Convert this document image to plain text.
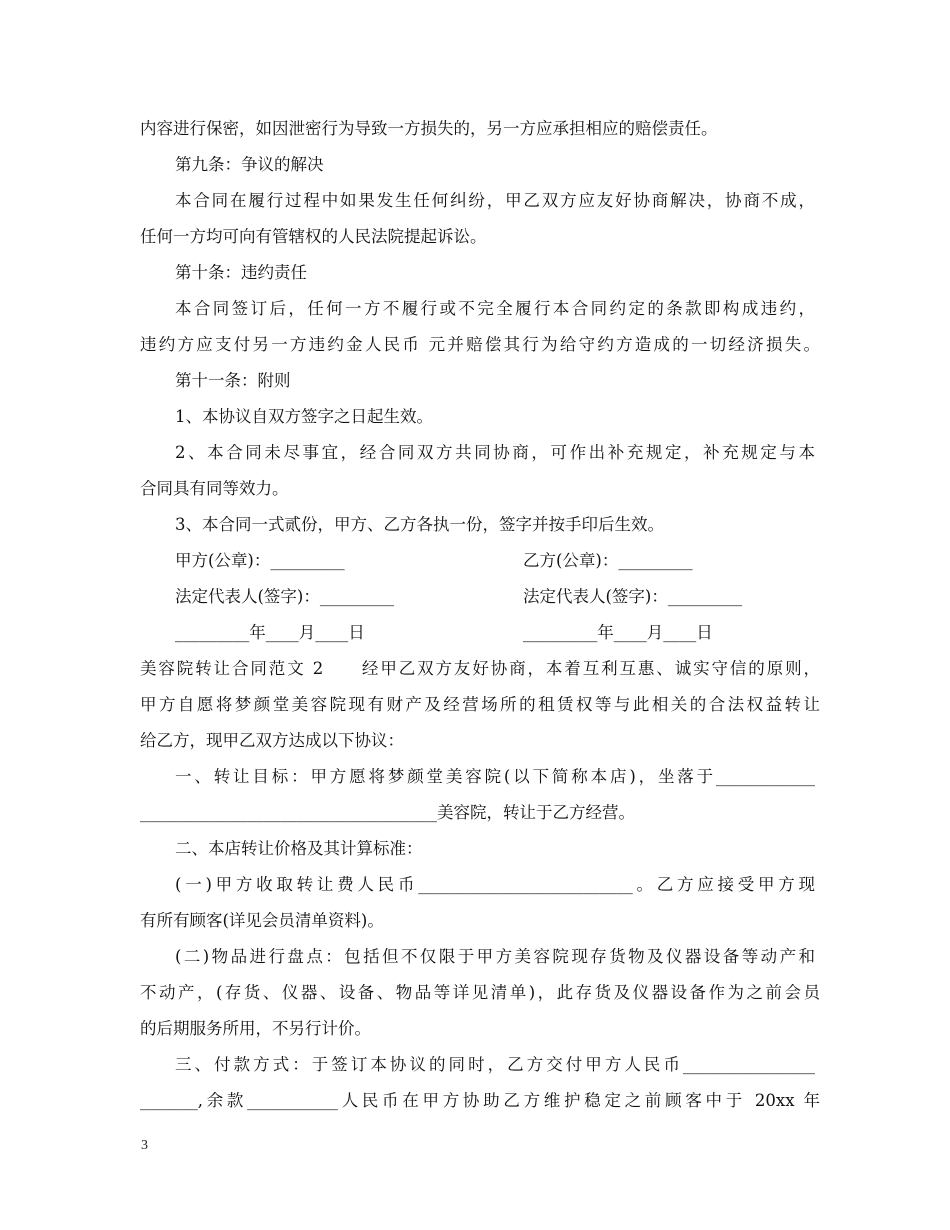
内容进行保密，如因泄密行为导致一方损失的，另一方应承担相应的赔偿责任。
第九条：争议的解决
本合同在履行过程中如果发生任何纠纷，甲乙双方应友好协商解决，协商不成，
任何一方均可向有管辖权的人民法院提起诉讼。
第十条：违约责任
本合同签订后，任何一方不履行或不完全履行本合同约定的条款即构成违约，
违约方应支付另一方违约金人民币 元并赔偿其行为给守约方造成的一切经济损失。
第十一条：附则
1、本协议自双方签字之日起生效。
2、本合同未尽事宜，经合同双方共同协商，可作出补充规定，补充规定与本
合同具有同等效力。
3、本合同一式贰份，甲方、乙方各执一份，签字并按手印后生效。
甲方(公章)：_________	乙方(公章)：_________
法定代表人(签字)：_________	法定代表人(签字)：_________
_________年____月____日	_________年____月____日
美容院转让合同范文 2　　经甲乙双方友好协商，本着互利互惠、诚实守信的原则，
甲方自愿将梦颜堂美容院现有财产及经营场所的租赁权等与此相关的合法权益转让
给乙方，现甲乙双方达成以下协议：
一、转让目标：甲方愿将梦颜堂美容院(以下简称本店)，坐落于____________
____________________________________美容院，转让于乙方经营。
二、本店转让价格及其计算标准：
(一)甲方收取转让费人民币__________________________。乙方应接受甲方现
有所有顾客(详见会员清单资料)。
(二)物品进行盘点：包括但不仅限于甲方美容院现存货物及仪器设备等动产和
不动产，(存货、仪器、设备、物品等详见清单)，此存货及仪器设备作为之前会员
的后期服务所用，不另行计价。
三、付款方式：于签订本协议的同时，乙方交付甲方人民币________________
_______,余款___________人民币在甲方协助乙方维护稳定之前顾客中于 20xx 年
3
